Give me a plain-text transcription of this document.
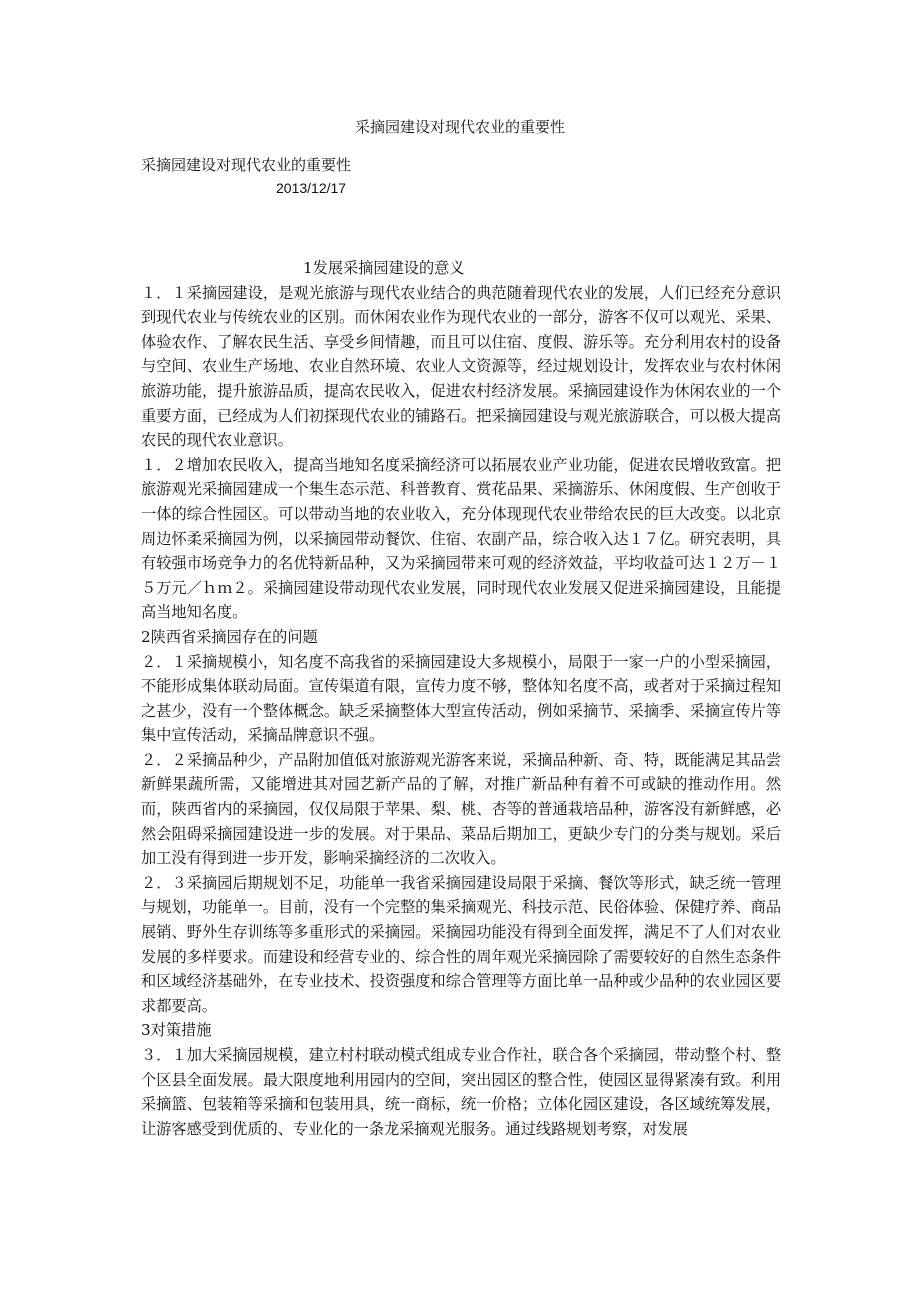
采摘园建设对现代农业的重要性
采摘园建设对现代农业的重要性
2013/12/17

1发展采摘园建设的意义

１．１采摘园建设，是观光旅游与现代农业结合的典范随着现代农业的发展，人们已经充分意识到现代农业与传统农业的区别。而休闲农业作为现代农业的一部分，游客不仅可以观光、采果、体验农作、了解农民生活、享受乡间情趣，而且可以住宿、度假、游乐等。充分利用农村的设备与空间、农业生产场地、农业自然环境、农业人文资源等，经过规划设计，发挥农业与农村休闲旅游功能，提升旅游品质，提高农民收入，促进农村经济发展。采摘园建设作为休闲农业的一个重要方面，已经成为人们初探现代农业的铺路石。把采摘园建设与观光旅游联合，可以极大提高农民的现代农业意识。

１．２增加农民收入，提高当地知名度采摘经济可以拓展农业产业功能，促进农民增收致富。把旅游观光采摘园建成一个集生态示范、科普教育、赏花品果、采摘游乐、休闲度假、生产创收于一体的综合性园区。可以带动当地的农业收入，充分体现现代农业带给农民的巨大改变。以北京周边怀柔采摘园为例，以采摘园带动餐饮、住宿、农副产品，综合收入达１７亿。研究表明，具有较强市场竞争力的名优特新品种，又为采摘园带来可观的经济效益，平均收益可达１２万－１５万元／ｈｍ２。采摘园建设带动现代农业发展，同时现代农业发展又促进采摘园建设，且能提高当地知名度。

2陕西省采摘园存在的问题

２．１采摘规模小，知名度不高我省的采摘园建设大多规模小，局限于一家一户的小型采摘园，不能形成集体联动局面。宣传渠道有限，宣传力度不够，整体知名度不高，或者对于采摘过程知之甚少，没有一个整体概念。缺乏采摘整体大型宣传活动，例如采摘节、采摘季、采摘宣传片等集中宣传活动，采摘品牌意识不强。

２．２采摘品种少，产品附加值低对旅游观光游客来说，采摘品种新、奇、特，既能满足其品尝新鲜果蔬所需，又能增进其对园艺新产品的了解，对推广新品种有着不可或缺的推动作用。然而，陕西省内的采摘园，仅仅局限于苹果、梨、桃、杏等的普通栽培品种，游客没有新鲜感，必然会阻碍采摘园建设进一步的发展。对于果品、菜品后期加工，更缺少专门的分类与规划。采后加工没有得到进一步开发，影响采摘经济的二次收入。

２．３采摘园后期规划不足，功能单一我省采摘园建设局限于采摘、餐饮等形式，缺乏统一管理与规划，功能单一。目前，没有一个完整的集采摘观光、科技示范、民俗体验、保健疗养、商品展销、野外生存训练等多重形式的采摘园。采摘园功能没有得到全面发挥，满足不了人们对农业发展的多样要求。而建设和经营专业的、综合性的周年观光采摘园除了需要较好的自然生态条件和区域经济基础外，在专业技术、投资强度和综合管理等方面比单一品种或少品种的农业园区要求都要高。

3对策措施

３．１加大采摘园规模，建立村村联动模式组成专业合作社，联合各个采摘园，带动整个村、整个区县全面发展。最大限度地利用园内的空间，突出园区的整合性，使园区显得紧凑有致。利用采摘篮、包装箱等采摘和包装用具，统一商标，统一价格；立体化园区建设，各区域统筹发展，让游客感受到优质的、专业化的一条龙采摘观光服务。通过线路规划考察，对发展
